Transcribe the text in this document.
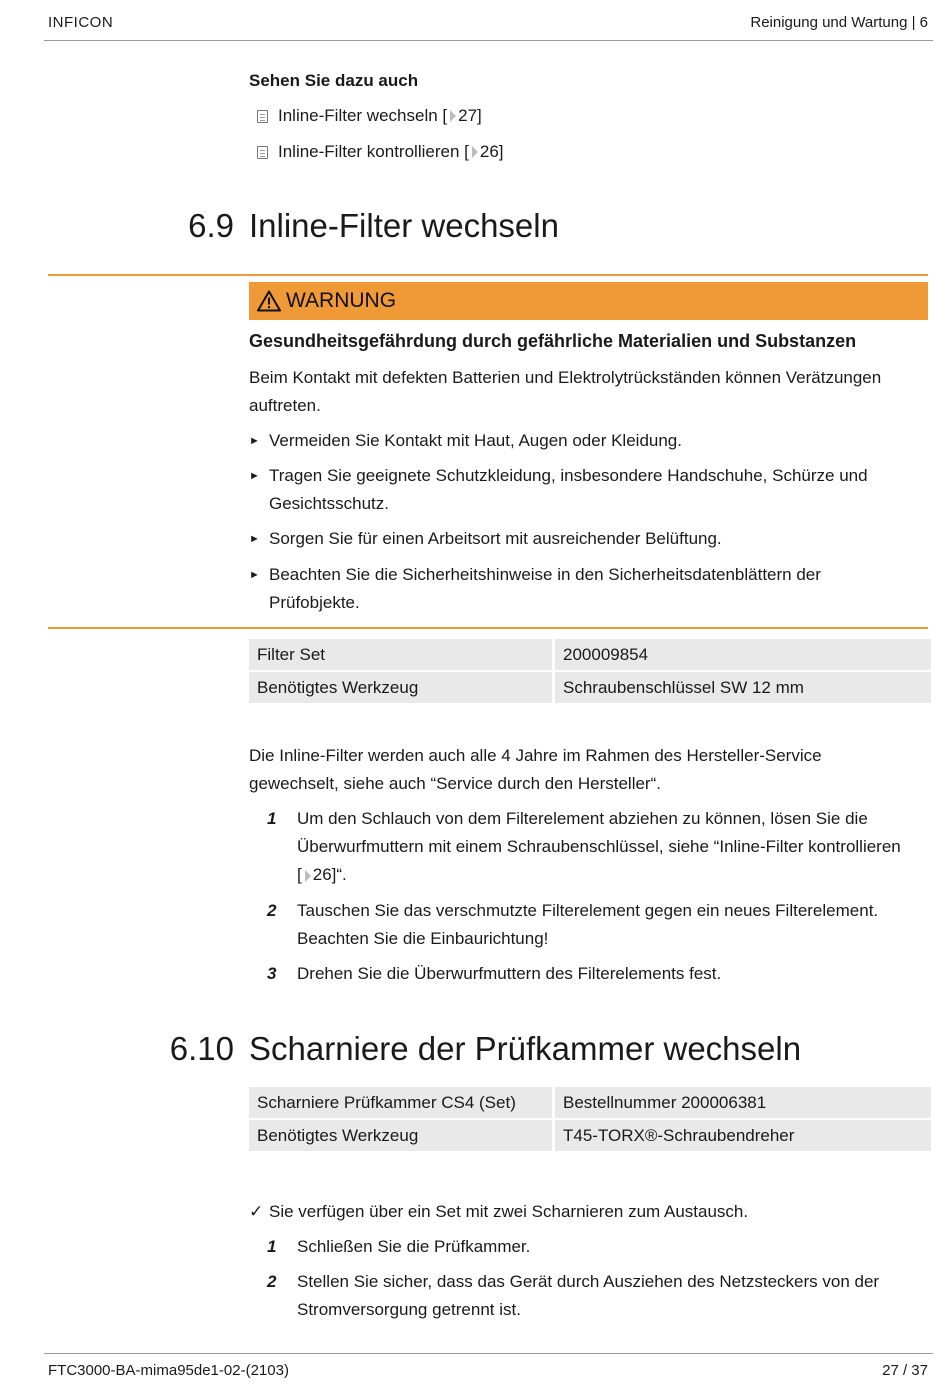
INFICON	Reinigung und Wartung | 6
Sehen Sie dazu auch
Inline-Filter wechseln [ 27]
Inline-Filter kontrollieren [ 26]
6.9 Inline-Filter wechseln
WARNUNG
Gesundheitsgefährdung durch gefährliche Materialien und Substanzen
Beim Kontakt mit defekten Batterien und Elektrolytrückständen können Verätzungen
auftreten.
► Vermeiden Sie Kontakt mit Haut, Augen oder Kleidung.
► Tragen Sie geeignete Schutzkleidung, insbesondere Handschuhe, Schürze und
Gesichtsschutz.
► Sorgen Sie für einen Arbeitsort mit ausreichender Belüftung.
► Beachten Sie die Sicherheitshinweise in den Sicherheitsdatenblättern der
Prüfobjekte.
Filter Set	200009854
Benötigtes Werkzeug	Schraubenschlüssel SW 12 mm
Die Inline-Filter werden auch alle 4 Jahre im Rahmen des Hersteller-Service
gewechselt, siehe auch “Service durch den Hersteller“.
1 Um den Schlauch von dem Filterelement abziehen zu können, lösen Sie die
Überwurfmuttern mit einem Schraubenschlüssel, siehe “Inline-Filter kontrollieren
[ 26]“.
2 Tauschen Sie das verschmutzte Filterelement gegen ein neues Filterelement.
Beachten Sie die Einbaurichtung!
3 Drehen Sie die Überwurfmuttern des Filterelements fest.
6.10 Scharniere der Prüfkammer wechseln
Scharniere Prüfkammer CS4 (Set)	Bestellnummer 200006381
Benötigtes Werkzeug	T45-TORX®-Schraubendreher
✓ Sie verfügen über ein Set mit zwei Scharnieren zum Austausch.
1 Schließen Sie die Prüfkammer.
2 Stellen Sie sicher, dass das Gerät durch Ausziehen des Netzsteckers von der
Stromversorgung getrennt ist.
FTC3000-BA-mima95de1-02-(2103)	27 / 37
